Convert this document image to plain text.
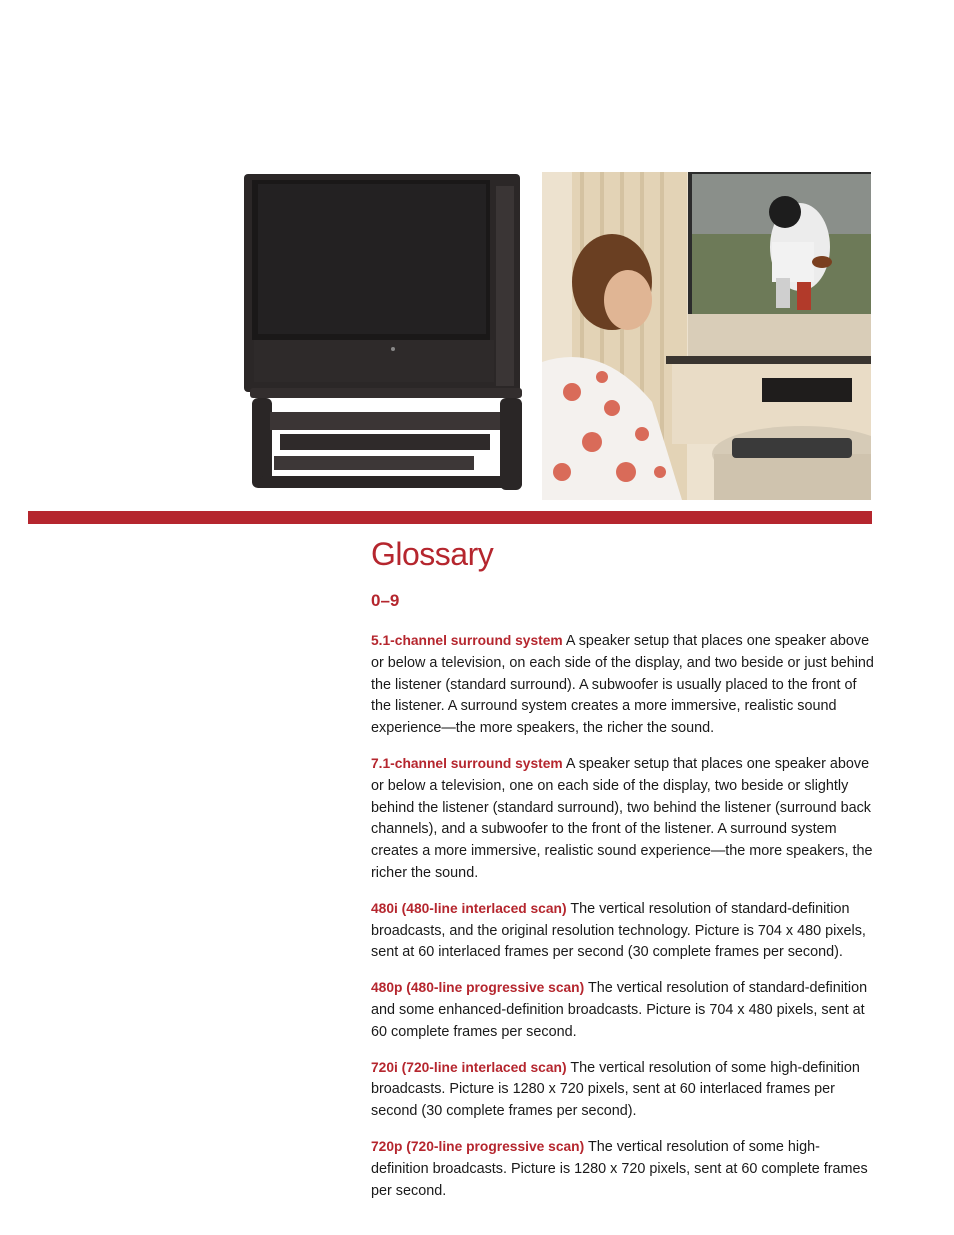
Glossary
0–9
5.1-channel surround system A speaker setup that places one speaker above or below a television, on each side of the display, and two beside or just behind the listener (standard surround). A subwoofer is usually placed to the front of the listener. A surround system creates a more immersive, realistic sound experience—the more speakers, the richer the sound.
7.1-channel surround system A speaker setup that places one speaker above or below a television, one on each side of the display, two beside or slightly behind the listener (standard surround), two behind the listener (surround back channels), and a subwoofer to the front of the listener. A surround system creates a more immersive, realistic sound experience—the more speakers, the richer the sound.
480i (480-line interlaced scan) The vertical resolution of standard-definition broadcasts, and the original resolution technology. Picture is 704 x 480 pixels, sent at 60 interlaced frames per second (30 complete frames per second).
480p (480-line progressive scan) The vertical resolution of standard-definition and some enhanced-definition broadcasts. Picture is 704 x 480 pixels, sent at 60 complete frames per second.
720i (720-line interlaced scan) The vertical resolution of some high-definition broadcasts. Picture is 1280 x 720 pixels, sent at 60 interlaced frames per second (30 complete frames per second).
720p (720-line progressive scan) The vertical resolution of some high-definition broadcasts. Picture is 1280 x 720 pixels, sent at 60 complete frames per second.
